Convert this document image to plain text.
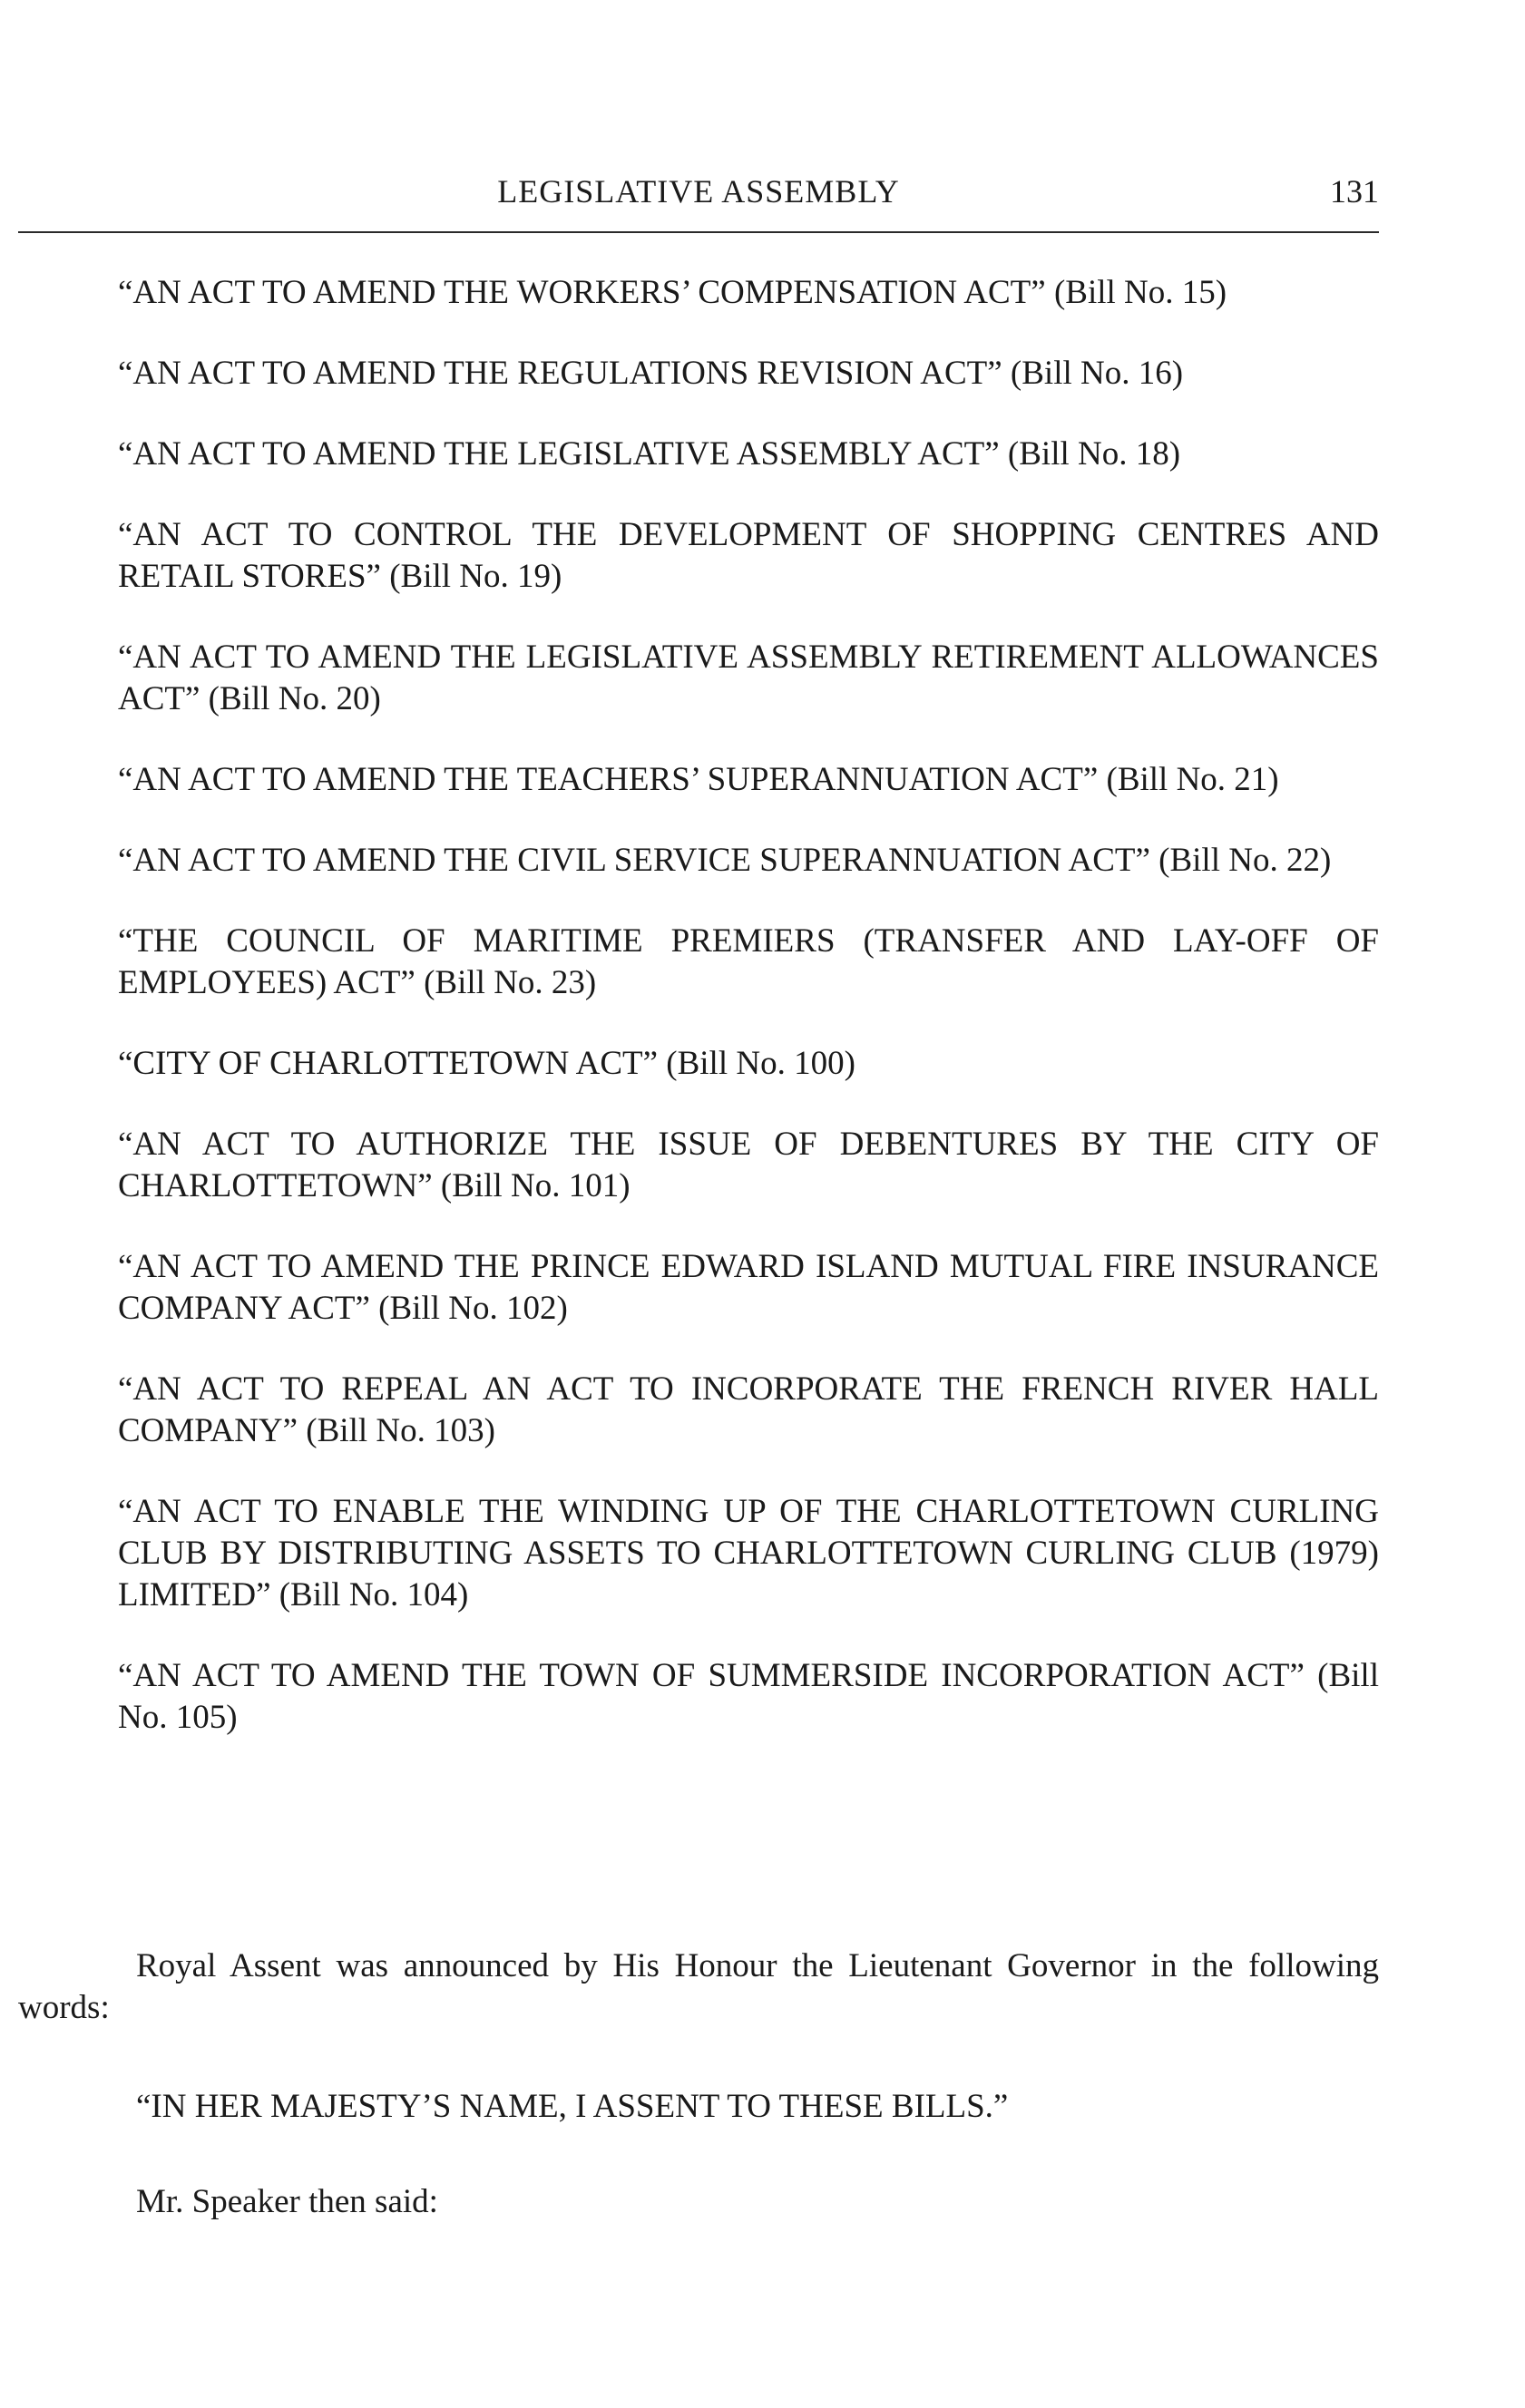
LEGISLATIVE ASSEMBLY	131

“AN ACT TO AMEND THE WORKERS’ COMPENSATION ACT” (Bill No. 15)

“AN ACT TO AMEND THE REGULATIONS REVISION ACT” (Bill No. 16)

“AN ACT TO AMEND THE LEGISLATIVE ASSEMBLY ACT” (Bill No. 18)

“AN ACT TO CONTROL THE DEVELOPMENT OF SHOPPING CENTRES AND RETAIL STORES” (Bill No. 19)

“AN ACT TO AMEND THE LEGISLATIVE ASSEMBLY RETIREMENT ALLOWANCES ACT” (Bill No. 20)

“AN ACT TO AMEND THE TEACHERS’ SUPERANNUATION ACT” (Bill No. 21)

“AN ACT TO AMEND THE CIVIL SERVICE SUPERANNUATION ACT” (Bill No. 22)

“THE COUNCIL OF MARITIME PREMIERS (TRANSFER AND LAY-OFF OF EMPLOYEES) ACT” (Bill No. 23)

“CITY OF CHARLOTTETOWN ACT” (Bill No. 100)

“AN ACT TO AUTHORIZE THE ISSUE OF DEBENTURES BY THE CITY OF CHARLOTTETOWN” (Bill No. 101)

“AN ACT TO AMEND THE PRINCE EDWARD ISLAND MUTUAL FIRE INSURANCE COMPANY ACT” (Bill No. 102)

“AN ACT TO REPEAL AN ACT TO INCORPORATE THE FRENCH RIVER HALL COMPANY” (Bill No. 103)

“AN ACT TO ENABLE THE WINDING UP OF THE CHARLOTTETOWN CURLING CLUB BY DISTRIBUTING ASSETS TO CHARLOTTETOWN CURLING CLUB (1979) LIMITED” (Bill No. 104)

“AN ACT TO AMEND THE TOWN OF SUMMERSIDE INCORPORATION ACT” (Bill No. 105)

Royal Assent was announced by His Honour the Lieutenant Governor in the following words:

“IN HER MAJESTY’S NAME, I ASSENT TO THESE BILLS.”
Mr. Speaker then said:
